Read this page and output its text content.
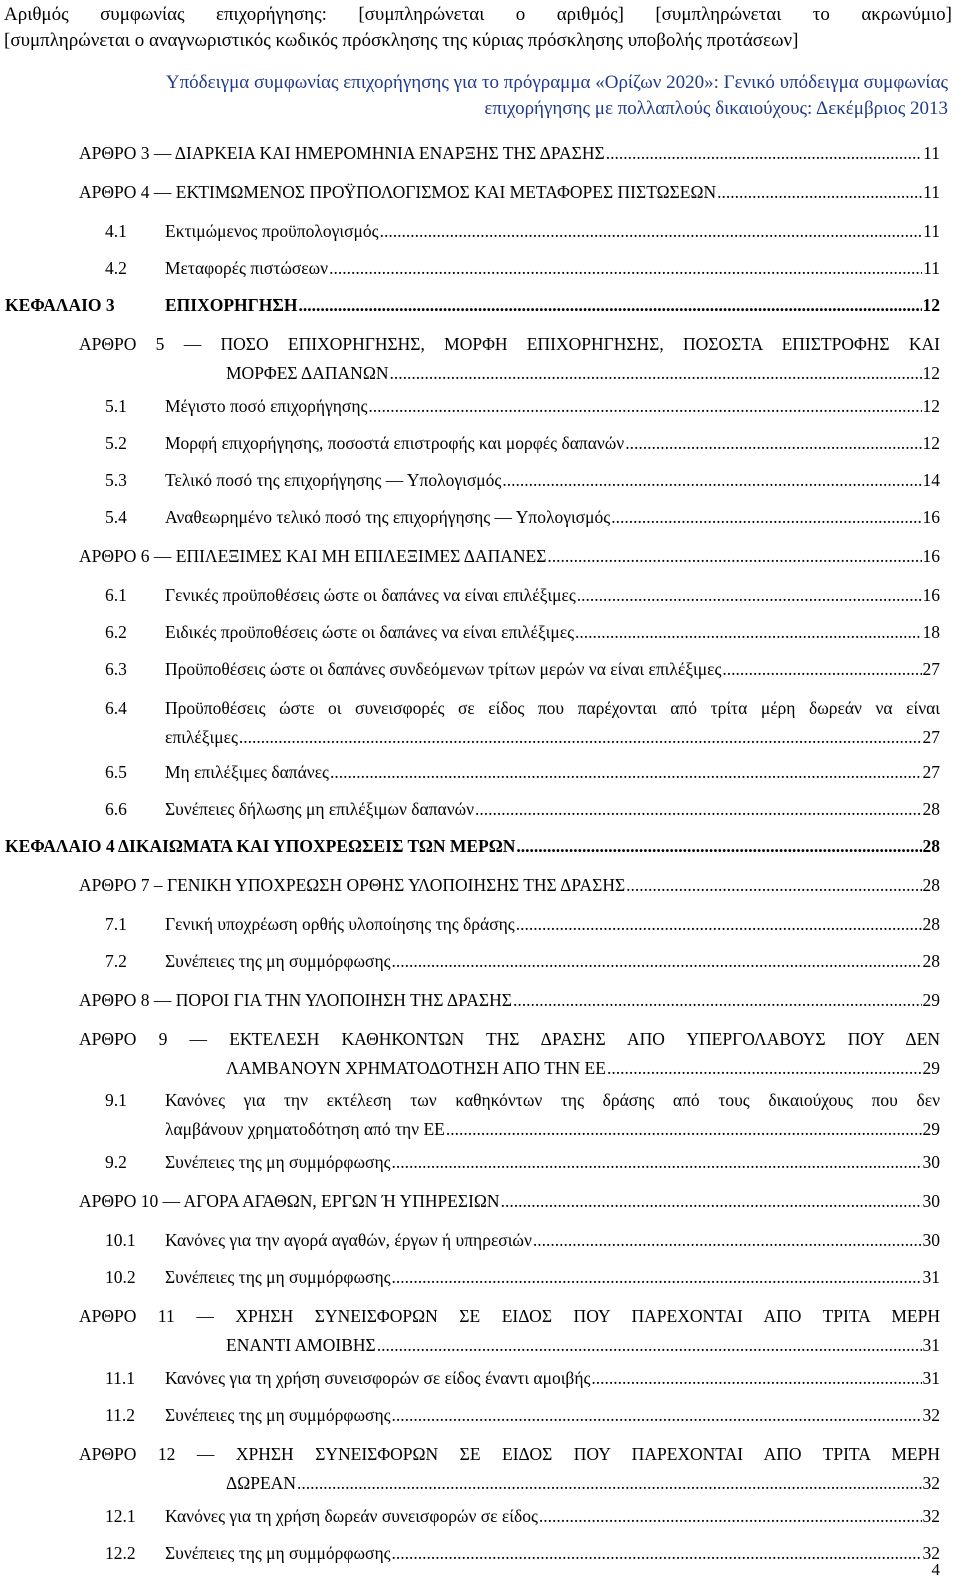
Αριθμός συμφωνίας επιχορήγησης: [συμπληρώνεται ο αριθμός] [συμπληρώνεται το ακρωνύμιο]
[συμπληρώνεται ο αναγνωριστικός κωδικός πρόσκλησης της κύριας πρόσκλησης υποβολής προτάσεων]
Υπόδειγμα συμφωνίας επιχορήγησης για το πρόγραμμα «Ορίζων 2020»: Γενικό υπόδειγμα συμφωνίας
επιχορήγησης με πολλαπλούς δικαιούχους: Δεκέμβριος 2013
ΑΡΘΡΟ 3 — ΔΙΑΡΚΕΙΑ ΚΑΙ ΗΜΕΡΟΜΗΝΙΑ ΕΝΑΡΞΗΣ ΤΗΣ ΔΡΑΣΗΣ .....	11
ΑΡΘΡΟ 4 — ΕΚΤΙΜΩΜΕΝΟΣ ΠΡΟΫΠΟΛΟΓΙΣΜΟΣ ΚΑΙ ΜΕΤΑΦΟΡΕΣ ΠΙΣΤΩΣΕΩΝ .....	11
4.1 Εκτιμώμενος προϋπολογισμός .....	11
4.2 Μεταφορές πιστώσεων .....	11
ΚΕΦΑΛΑΙΟ 3	ΕΠΙΧΟΡΗΓΗΣΗ .....	12
ΑΡΘΡΟ 5 — ΠΟΣΟ ΕΠΙΧΟΡΗΓΗΣΗΣ, ΜΟΡΦΗ ΕΠΙΧΟΡΗΓΗΣΗΣ, ΠΟΣΟΣΤΑ ΕΠΙΣΤΡΟΦΗΣ ΚΑΙ
ΜΟΡΦΕΣ ΔΑΠΑΝΩΝ .....	12
5.1 Μέγιστο ποσό επιχορήγησης .....	12
5.2 Μορφή επιχορήγησης, ποσοστά επιστροφής και μορφές δαπανών .....	12
5.3 Τελικό ποσό της επιχορήγησης — Υπολογισμός .....	14
5.4 Αναθεωρημένο τελικό ποσό της επιχορήγησης — Υπολογισμός .....	16
ΑΡΘΡΟ 6 — ΕΠΙΛΕΞΙΜΕΣ ΚΑΙ ΜΗ ΕΠΙΛΕΞΙΜΕΣ ΔΑΠΑΝΕΣ .....	16
6.1 Γενικές προϋποθέσεις ώστε οι δαπάνες να είναι επιλέξιμες .....	16
6.2 Ειδικές προϋποθέσεις ώστε οι δαπάνες να είναι επιλέξιμες .....	18
6.3 Προϋποθέσεις ώστε οι δαπάνες συνδεόμενων τρίτων μερών να είναι επιλέξιμες .....	27
6.4 Προϋποθέσεις ώστε οι συνεισφορές σε είδος που παρέχονται από τρίτα μέρη δωρεάν να είναι
επιλέξιμες .....	27
6.5 Μη επιλέξιμες δαπάνες .....	27
6.6 Συνέπειες δήλωσης μη επιλέξιμων δαπανών .....	28
ΚΕΦΑΛΑΙΟ 4 ΔΙΚΑΙΩΜΑΤΑ ΚΑΙ ΥΠΟΧΡΕΩΣΕΙΣ ΤΩΝ ΜΕΡΩΝ .....	28
ΑΡΘΡΟ 7 – ΓΕΝΙΚΗ ΥΠΟΧΡΕΩΣΗ ΟΡΘΗΣ ΥΛΟΠΟΙΗΣΗΣ ΤΗΣ ΔΡΑΣΗΣ .....	28
7.1 Γενική υποχρέωση ορθής υλοποίησης της δράσης .....	28
7.2 Συνέπειες της μη συμμόρφωσης .....	28
ΑΡΘΡΟ 8 — ΠΟΡΟΙ ΓΙΑ ΤΗΝ ΥΛΟΠΟΙΗΣΗ ΤΗΣ ΔΡΑΣΗΣ .....	29
ΑΡΘΡΟ 9 — ΕΚΤΕΛΕΣΗ ΚΑΘΗΚΟΝΤΩΝ ΤΗΣ ΔΡΑΣΗΣ ΑΠΟ ΥΠΕΡΓΟΛΑΒΟΥΣ ΠΟΥ ΔΕΝ
ΛΑΜΒΑΝΟΥΝ ΧΡΗΜΑΤΟΔΟΤΗΣΗ ΑΠΟ ΤΗΝ ΕΕ .....	29
9.1 Κανόνες για την εκτέλεση των καθηκόντων της δράσης από τους δικαιούχους που δεν
λαμβάνουν χρηματοδότηση από την ΕΕ .....	29
9.2 Συνέπειες της μη συμμόρφωσης .....	30
ΑΡΘΡΟ 10 — ΑΓΟΡΑ ΑΓΑΘΩΝ, ΕΡΓΩΝ Ή ΥΠΗΡΕΣΙΩΝ .....	30
10.1 Κανόνες για την αγορά αγαθών, έργων ή υπηρεσιών .....	30
10.2 Συνέπειες της μη συμμόρφωσης .....	31
ΑΡΘΡΟ 11 — ΧΡΗΣΗ ΣΥΝΕΙΣΦΟΡΩΝ ΣΕ ΕΙΔΟΣ ΠΟΥ ΠΑΡΕΧΟΝΤΑΙ ΑΠΟ ΤΡΙΤΑ ΜΕΡΗ
ΕΝΑΝΤΙ ΑΜΟΙΒΗΣ .....	31
11.1 Κανόνες για τη χρήση συνεισφορών σε είδος έναντι αμοιβής .....	31
11.2 Συνέπειες της μη συμμόρφωσης .....	32
ΑΡΘΡΟ 12 — ΧΡΗΣΗ ΣΥΝΕΙΣΦΟΡΩΝ ΣΕ ΕΙΔΟΣ ΠΟΥ ΠΑΡΕΧΟΝΤΑΙ ΑΠΟ ΤΡΙΤΑ ΜΕΡΗ
ΔΩΡΕΑΝ .....	32
12.1 Κανόνες για τη χρήση δωρεάν συνεισφορών σε είδος .....	32
12.2 Συνέπειες της μη συμμόρφωσης .....	32
4
